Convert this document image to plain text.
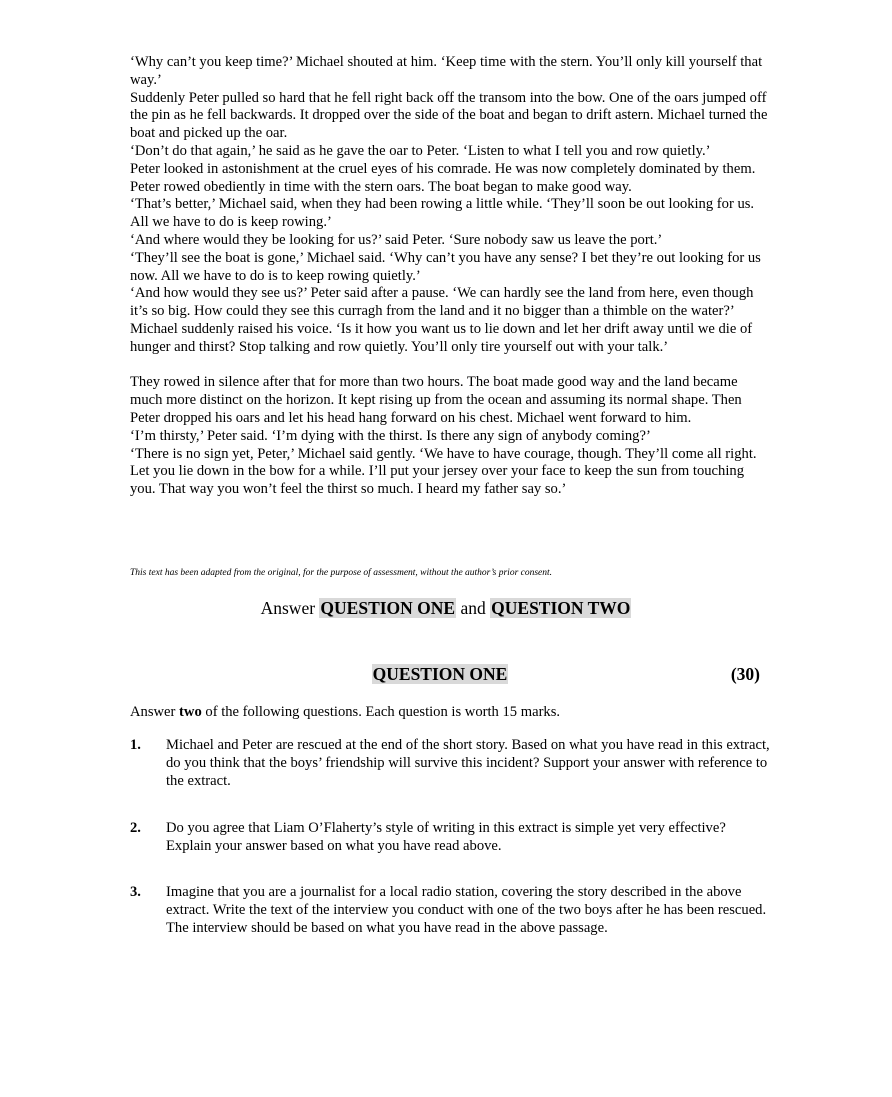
‘Why can’t you keep time?’ Michael shouted at him. ‘Keep time with the stern. You’ll only kill yourself that way.’

Suddenly Peter pulled so hard that he fell right back off the transom into the bow. One of the oars jumped off the pin as he fell backwards. It dropped over the side of the boat and began to drift astern. Michael turned the boat and picked up the oar.

‘Don’t do that again,’ he said as he gave the oar to Peter. ‘Listen to what I tell you and row quietly.’

Peter looked in astonishment at the cruel eyes of his comrade. He was now completely dominated by them.

Peter rowed obediently in time with the stern oars. The boat began to make good way.

‘That’s better,’ Michael said, when they had been rowing a little while. ‘They’ll soon be out looking for us. All we have to do is keep rowing.’

‘And where would they be looking for us?’ said Peter. ‘Sure nobody saw us leave the port.’

‘They’ll see the boat is gone,’ Michael said. ‘Why can’t you have any sense? I bet they’re out looking for us now. All we have to do is to keep rowing quietly.’

‘And how would they see us?’ Peter said after a pause. ‘We can hardly see the land from here, even though it’s so big. How could they see this curragh from the land and it no bigger than a thimble on the water?’

Michael suddenly raised his voice. ‘Is it how you want us to lie down and let her drift away until we die of hunger and thirst? Stop talking and row quietly. You’ll only tire yourself out with your talk.’

They rowed in silence after that for more than two hours. The boat made good way and the land became much more distinct on the horizon. It kept rising up from the ocean and assuming its normal shape. Then Peter dropped his oars and let his head hang forward on his chest. Michael went forward to him.

‘I’m thirsty,’ Peter said. ‘I’m dying with the thirst. Is there any sign of anybody coming?’

‘There is no sign yet, Peter,’ Michael said gently. ‘We have to have courage, though. They’ll come all right. Let you lie down in the bow for a while. I’ll put your jersey over your face to keep the sun from touching you. That way you won’t feel the thirst so much. I heard my father say so.’

This text has been adapted from the original, for the purpose of assessment, without the author’s prior consent.
Answer QUESTION ONE and QUESTION TWO
QUESTION ONE	(30)
Answer two of the following questions. Each question is worth 15 marks.
1. Michael and Peter are rescued at the end of the short story. Based on what you have read in this extract, do you think that the boys’ friendship will survive this incident? Support your answer with reference to the extract.
2. Do you agree that Liam O’Flaherty’s style of writing in this extract is simple yet very effective? Explain your answer based on what you have read above.
3. Imagine that you are a journalist for a local radio station, covering the story described in the above extract. Write the text of the interview you conduct with one of the two boys after he has been rescued. The interview should be based on what you have read in the above passage.
